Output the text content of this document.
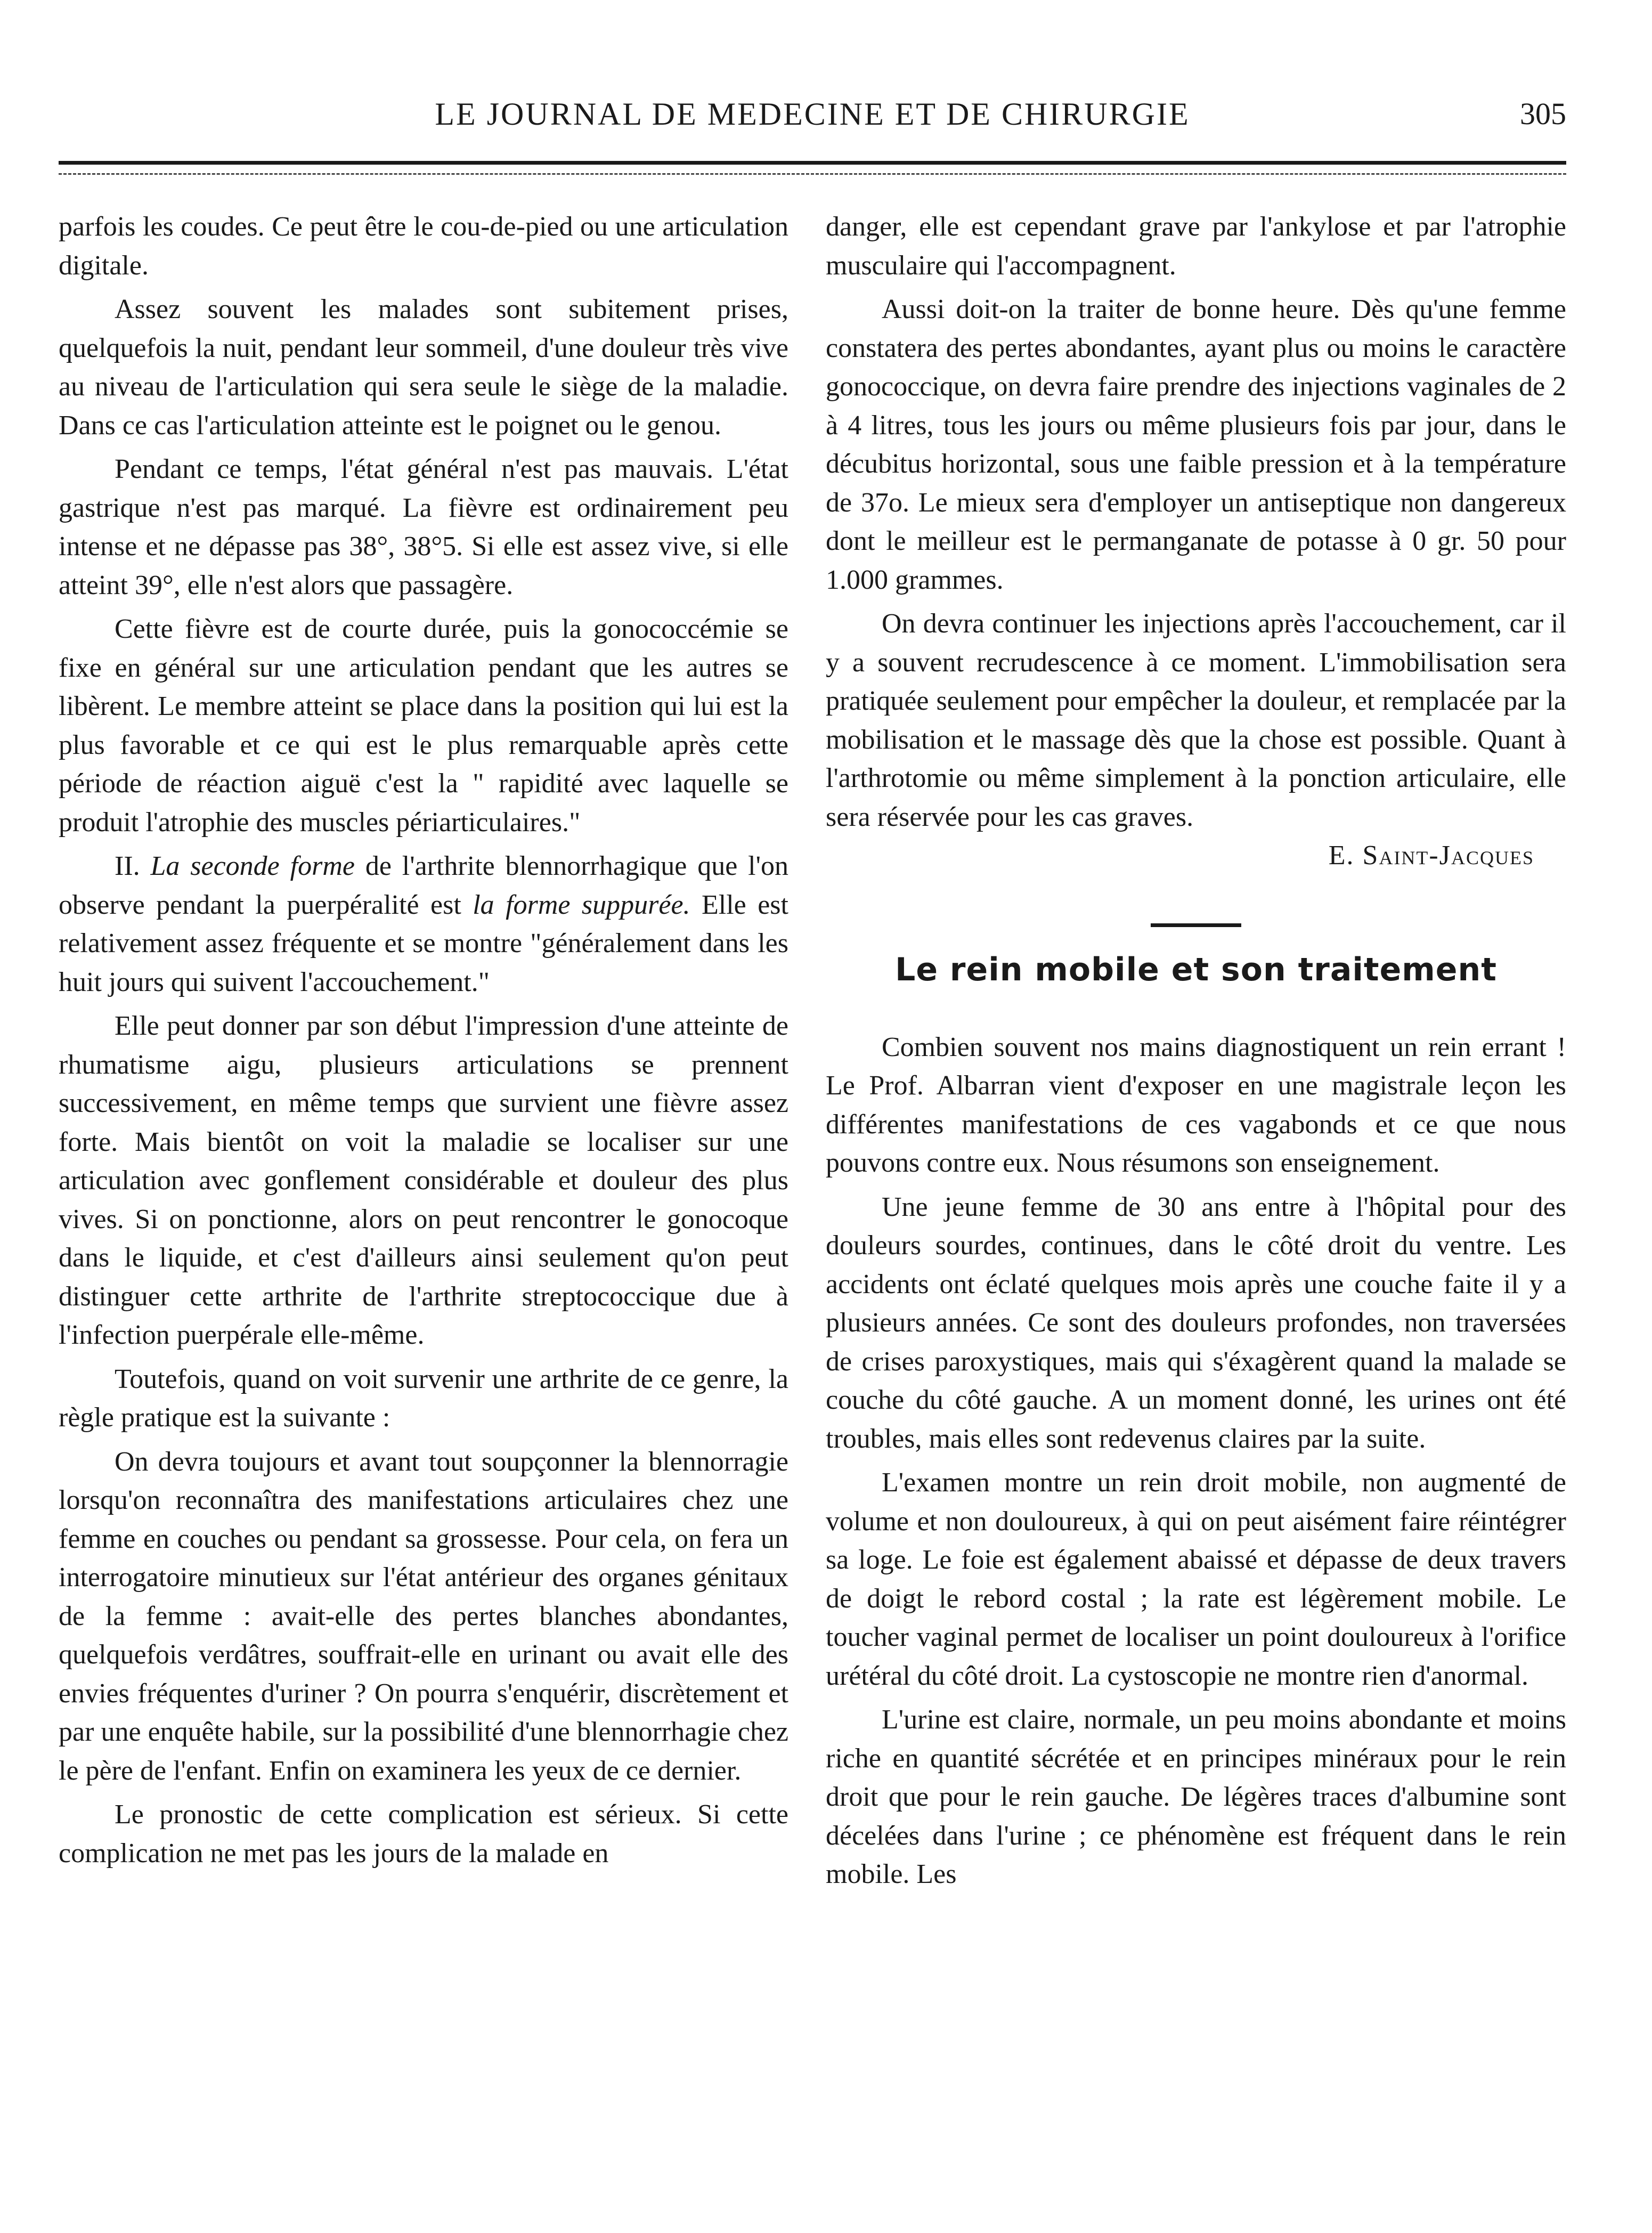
LE JOURNAL DE MEDECINE ET DE CHIRURGIE	305

parfois les coudes. Ce peut être le cou-de-pied ou une articulation digitale.

Assez souvent les malades sont subitement prises, quelquefois la nuit, pendant leur sommeil, d'une douleur très vive au niveau de l'articulation qui sera seule le siège de la maladie. Dans ce cas l'articulation atteinte est le poignet ou le genou.

Pendant ce temps, l'état général n'est pas mauvais. L'état gastrique n'est pas marqué. La fièvre est ordinairement peu intense et ne dépasse pas 38°, 38°5. Si elle est assez vive, si elle atteint 39°, elle n'est alors que passagère.

Cette fièvre est de courte durée, puis la gonococcémie se fixe en général sur une articulation pendant que les autres se libèrent. Le membre atteint se place dans la position qui lui est la plus favorable et ce qui est le plus remarquable après cette période de réaction aiguë c'est la " rapidité avec laquelle se produit l'atrophie des muscles périarticulaires."

II. La seconde forme de l'arthrite blennorrhagique que l'on observe pendant la puerpéralité est la forme suppurée. Elle est relativement assez fréquente et se montre "généralement dans les huit jours qui suivent l'accouchement."

Elle peut donner par son début l'impression d'une atteinte de rhumatisme aigu, plusieurs articulations se prennent successivement, en même temps que survient une fièvre assez forte. Mais bientôt on voit la maladie se localiser sur une articulation avec gonflement considérable et douleur des plus vives. Si on ponctionne, alors on peut rencontrer le gonocoque dans le liquide, et c'est d'ailleurs ainsi seulement qu'on peut distinguer cette arthrite de l'arthrite streptococcique due à l'infection puerpérale elle-même.

Toutefois, quand on voit survenir une arthrite de ce genre, la règle pratique est la suivante :

On devra toujours et avant tout soupçonner la blennorragie lorsqu'on reconnaîtra des manifestations articulaires chez une femme en couches ou pendant sa grossesse. Pour cela, on fera un interrogatoire minutieux sur l'état antérieur des organes génitaux de la femme : avait-elle des pertes blanches abondantes, quelquefois verdâtres, souffrait-elle en urinant ou avait elle des envies fréquentes d'uriner ? On pourra s'enquérir, discrètement et par une enquête habile, sur la possibilité d'une blennorrhagie chez le père de l'enfant. Enfin on examinera les yeux de ce dernier.

Le pronostic de cette complication est sérieux. Si cette complication ne met pas les jours de la malade en

danger, elle est cependant grave par l'ankylose et par l'atrophie musculaire qui l'accompagnent.

Aussi doit-on la traiter de bonne heure. Dès qu'une femme constatera des pertes abondantes, ayant plus ou moins le caractère gonococcique, on devra faire prendre des injections vaginales de 2 à 4 litres, tous les jours ou même plusieurs fois par jour, dans le décubitus horizontal, sous une faible pression et à la température de 37o. Le mieux sera d'employer un antiseptique non dangereux dont le meilleur est le permanganate de potasse à 0 gr. 50 pour 1.000 grammes.

On devra continuer les injections après l'accouchement, car il y a souvent recrudescence à ce moment. L'immobilisation sera pratiquée seulement pour empêcher la douleur, et remplacée par la mobilisation et le massage dès que la chose est possible. Quant à l'arthrotomie ou même simplement à la ponction articulaire, elle sera réservée pour les cas graves.

E. Saint-Jacques

Le rein mobile et son traitement

Combien souvent nos mains diagnostiquent un rein errant ! Le Prof. Albarran vient d'exposer en une magistrale leçon les différentes manifestations de ces vagabonds et ce que nous pouvons contre eux. Nous résumons son enseignement.

Une jeune femme de 30 ans entre à l'hôpital pour des douleurs sourdes, continues, dans le côté droit du ventre. Les accidents ont éclaté quelques mois après une couche faite il y a plusieurs années. Ce sont des douleurs profondes, non traversées de crises paroxystiques, mais qui s'éxagèrent quand la malade se couche du côté gauche. A un moment donné, les urines ont été troubles, mais elles sont redevenus claires par la suite.

L'examen montre un rein droit mobile, non augmenté de volume et non douloureux, à qui on peut aisément faire réintégrer sa loge. Le foie est également abaissé et dépasse de deux travers de doigt le rebord costal ; la rate est légèrement mobile. Le toucher vaginal permet de localiser un point douloureux à l'orifice urétéral du côté droit. La cystoscopie ne montre rien d'anormal.

L'urine est claire, normale, un peu moins abondante et moins riche en quantité sécrétée et en principes minéraux pour le rein droit que pour le rein gauche. De légères traces d'albumine sont décelées dans l'urine ; ce phénomène est fréquent dans le rein mobile. Les
